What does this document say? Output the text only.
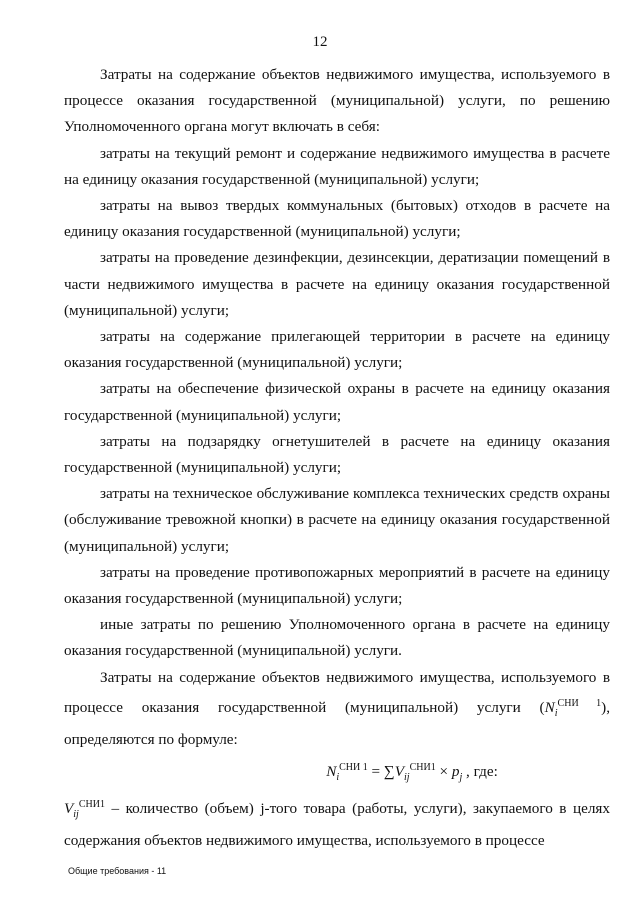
12

Затраты на содержание объектов недвижимого имущества, используемого в процессе оказания государственной (муниципальной) услуги, по решению Уполномоченного органа могут включать в себя:

затраты на текущий ремонт и содержание недвижимого имущества в расчете на единицу оказания государственной (муниципальной) услуги;

затраты на вывоз твердых коммунальных (бытовых) отходов в расчете на единицу оказания государственной (муниципальной) услуги;

затраты на проведение дезинфекции, дезинсекции, дератизации помещений в части недвижимого имущества в расчете на единицу оказания государственной (муниципальной) услуги;

затраты на содержание прилегающей территории в расчете на единицу оказания государственной (муниципальной) услуги;

затраты на обеспечение физической охраны в расчете на единицу оказания государственной (муниципальной) услуги;

затраты на подзарядку огнетушителей в расчете на единицу оказания государственной (муниципальной) услуги;

затраты на техническое обслуживание комплекса технических средств охраны (обслуживание тревожной кнопки) в расчете на единицу оказания государственной (муниципальной) услуги;

затраты на проведение противопожарных мероприятий в расчете на единицу оказания государственной (муниципальной) услуги;

иные затраты по решению Уполномоченного органа в расчете на единицу оказания государственной (муниципальной) услуги.

Затраты на содержание объектов недвижимого имущества, используемого в процессе оказания государственной (муниципальной) услуги $(N_i^{СНИ 1})$, определяются по формуле:

$N_i^{СНИ 1} = \sum V_{ij}^{СНИ1} \times p_j$ , где:

$V_{ij}^{СНИ1}$ – количество (объем) j-того товара (работы, услуги), закупаемого в целях содержания объектов недвижимого имущества, используемого в процессе

Общие требования - 11
